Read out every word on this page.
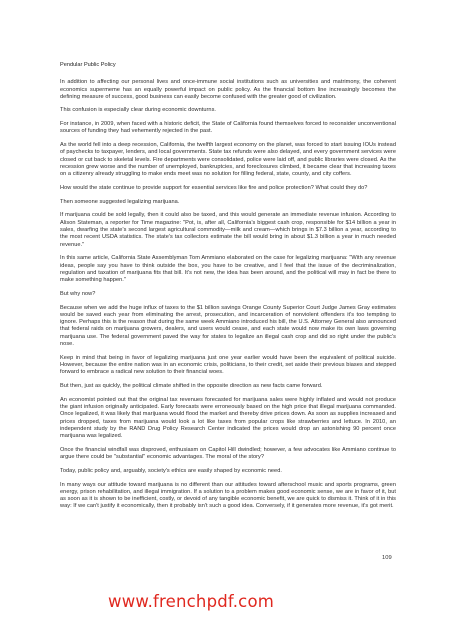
Pendular Public Policy

In addition to affecting our personal lives and once-immune social institutions such as universities and matrimony, the coherent economics supermeme has an equally powerful impact on public policy. As the financial bottom line increasingly becomes the defining measure of success, good business can easily become confused with the greater good of civilization.

This confusion is especially clear during economic downturns.

For instance, in 2009, when faced with a historic deficit, the State of California found themselves forced to reconsider unconventional sources of funding they had vehemently rejected in the past.

As the world fell into a deep recession, California, the twelfth largest economy on the planet, was forced to start issuing IOUs instead of paychecks to taxpayer, lenders, and local governments. State tax refunds were also delayed, and every government services were closed or cut back to skeletal levels. Fire departments were consolidated, police were laid off, and public libraries were closed. As the recession grew worse and the number of unemployed, bankruptcies, and foreclosures climbed, it became clear that increasing taxes on a citizenry already struggling to make ends meet was no solution for filling federal, state, county, and city coffers.

How would the state continue to provide support for essential services like fire and police protection? What could they do?

Then someone suggested legalizing marijuana.

If marijuana could be sold legally, then it could also be taxed, and this would generate an immediate revenue infusion. According to Alison Stateman, a reporter for Time magazine: "Pot, is, after all, California's biggest cash crop, responsible for $14 billion a year in sales, dwarfing the state's second largest agricultural commodity—milk and cream—which brings in $7.3 billion a year, according to the most recent USDA statistics. The state's tax collectors estimate the bill would bring in about $1.3 billion a year in much needed revenue."

In this same article, California State Assemblyman Tom Ammiano elaborated on the case for legalizing marijuana: "With any revenue ideas, people say you have to think outside the box, you have to be creative, and I feel that the issue of the decriminalization, regulation and taxation of marijuana fits that bill. It's not new, the idea has been around, and the political will may in fact be there to make something happen."

But why now?

Because when we add the huge influx of taxes to the $1 billion savings Orange County Superior Court Judge James Gray estimates would be saved each year from eliminating the arrest, prosecution, and incarceration of nonviolent offenders it's too tempting to ignore. Perhaps this is the reason that during the same week Ammiano introduced his bill, the U.S. Attorney General also announced that federal raids on marijuana growers, dealers, and users would cease, and each state would now make its own laws governing marijuana use. The federal government paved the way for states to legalize an illegal cash crop and did so right under the public's nose.

Keep in mind that being in favor of legalizing marijuana just one year earlier would have been the equivalent of political suicide. However, because the entire nation was in an economic crisis, politicians, to their credit, set aside their previous biases and stepped forward to embrace a radical new solution to their financial woes.

But then, just as quickly, the political climate shifted in the opposite direction as new facts came forward.

An economist pointed out that the original tax revenues forecasted for marijuana sales were highly inflated and would not produce the giant infusion originally anticipated. Early forecasts were erroneously based on the high price that illegal marijuana commanded. Once legalized, it was likely that marijuana would flood the market and thereby drive prices down. As soon as supplies increased and prices dropped, taxes from marijuana would look a lot like taxes from popular crops like strawberries and lettuce. In 2010, an independent study by the RAND Drug Policy Research Center indicated the prices would drop an astonishing 90 percent once marijuana was legalized.

Once the financial windfall was disproved, enthusiasm on Capitol Hill dwindled; however, a few advocates like Ammiano continue to argue there could be "substantial" economic advantages. The moral of the story?

Today, public policy and, arguably, society's ethics are easily shaped by economic need.

In many ways our attitude toward marijuana is no different than our attitudes toward afterschool music and sports programs, green energy, prison rehabilitation, and illegal immigration. If a solution to a problem makes good economic sense, we are in favor of it, but as soon as it is shown to be inefficient, costly, or devoid of any tangible economic benefit, we are quick to dismiss it. Think of it in this way: If we can't justify it economically, then it probably isn't such a good idea. Conversely, if it generates more revenue, it's got merit.

109
www.frenchpdf.com
